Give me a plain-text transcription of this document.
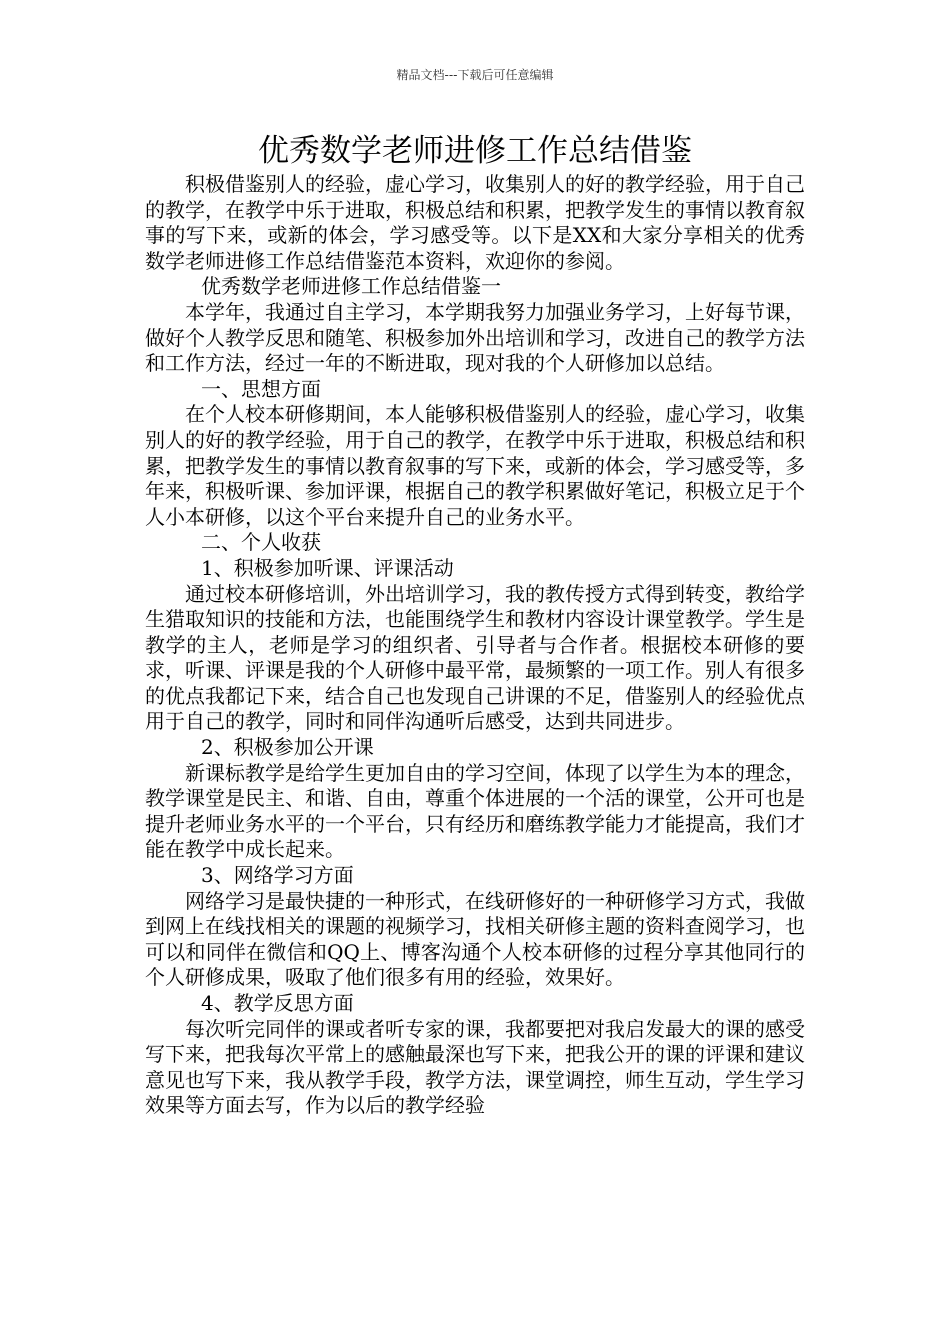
精品文档---下载后可任意编辑
优秀数学老师进修工作总结借鉴

积极借鉴别人的经验，虚心学习，收集别人的好的教学经验，用于自己的教学，在教学中乐于进取，积极总结和积累，把教学发生的事情以教育叙事的写下来，或新的体会，学习感受等。以下是XX和大家分享相关的优秀数学老师进修工作总结借鉴范本资料，欢迎你的参阅。

优秀数学老师进修工作总结借鉴一

本学年，我通过自主学习，本学期我努力加强业务学习，上好每节课，做好个人教学反思和随笔、积极参加外出培训和学习，改进自己的教学方法和工作方法，经过一年的不断进取，现对我的个人研修加以总结。

一、思想方面

在个人校本研修期间，本人能够积极借鉴别人的经验，虚心学习，收集别人的好的教学经验，用于自己的教学，在教学中乐于进取，积极总结和积累，把教学发生的事情以教育叙事的写下来，或新的体会，学习感受等，多年来，积极听课、参加评课，根据自己的教学积累做好笔记，积极立足于个人小本研修，以这个平台来提升自己的业务水平。

二、个人收获

1、积极参加听课、评课活动

通过校本研修培训，外出培训学习，我的教传授方式得到转变，教给学生猎取知识的技能和方法，也能围绕学生和教材内容设计课堂教学。学生是教学的主人，老师是学习的组织者、引导者与合作者。根据校本研修的要求，听课、评课是我的个人研修中最平常，最频繁的一项工作。别人有很多的优点我都记下来，结合自己也发现自己讲课的不足，借鉴别人的经验优点用于自己的教学，同时和同伴沟通听后感受，达到共同进步。

2、积极参加公开课

新课标教学是给学生更加自由的学习空间，体现了以学生为本的理念，教学课堂是民主、和谐、自由，尊重个体进展的一个活的课堂，公开可也是提升老师业务水平的一个平台，只有经历和磨练教学能力才能提高，我们才能在教学中成长起来。

3、网络学习方面

网络学习是最快捷的一种形式，在线研修好的一种研修学习方式，我做到网上在线找相关的课题的视频学习，找相关研修主题的资料查阅学习，也可以和同伴在微信和QQ上、博客沟通个人校本研修的过程分享其他同行的个人研修成果，吸取了他们很多有用的经验，效果好。

4、教学反思方面

每次听完同伴的课或者听专家的课，我都要把对我启发最大的课的感受写下来，把我每次平常上的感触最深也写下来，把我公开的课的评课和建议意见也写下来，我从教学手段，教学方法，课堂调控，师生互动，学生学习效果等方面去写，作为以后的教学经验
